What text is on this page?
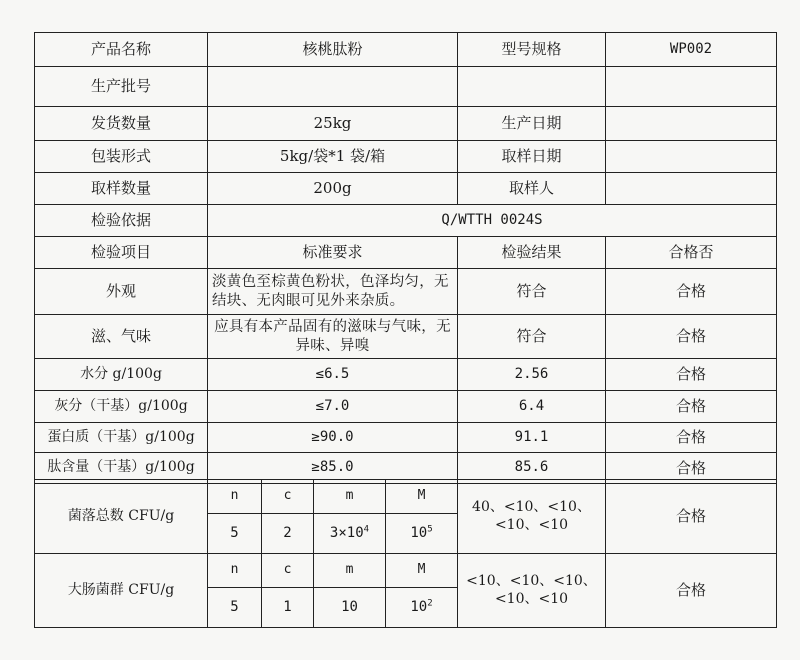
产品名称	核桃肽粉	型号规格	WP002
生产批号			
发货数量	25kg	生产日期	
包装形式	5kg/袋*1 袋/箱	取样日期	
取样数量	200g	取样人	
检验依据	Q/WTTH 0024S		
检验项目	标准要求	检验结果	合格否
外观	淡黄色至棕黄色粉状，色泽均匀，无结块、无肉眼可见外来杂质。	符合	合格
滋、气味	应具有本产品固有的滋味与气味，无异味、异嗅	符合	合格
水分 g/100g	≤6.5	2.56	合格
灰分（干基）g/100g	≤7.0	6.4	合格
蛋白质（干基）g/100g	≥90.0	91.1	合格
肽含量（干基）g/100g	≥85.0	85.6	合格
菌落总数 CFU/g	n	c	m	M	40、<10、<10、<10、<10	合格
	5	2	$3\times 10^4$	$10^5$
大肠菌群 CFU/g	n	c	m	M	<10、<10、<10、<10、<10	合格
	5	1	10	$10^2$
